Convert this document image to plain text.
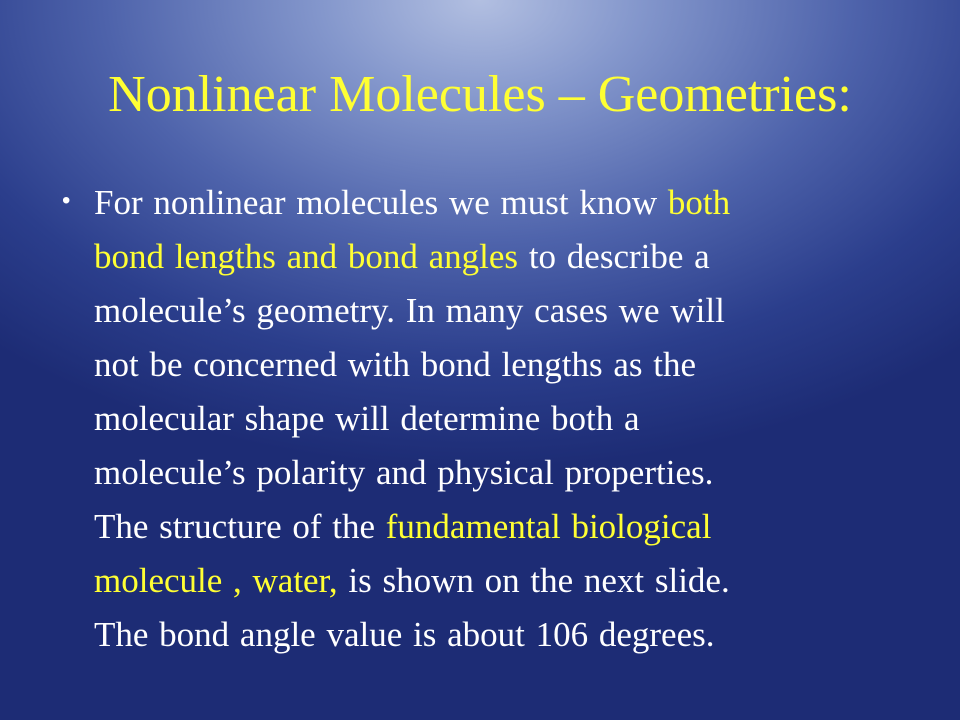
Nonlinear Molecules – Geometries:
• For nonlinear molecules we must know both
bond lengths and bond angles to describe a
molecule’s geometry. In many cases we will
not be concerned with bond lengths as the
molecular shape will determine both a
molecule’s polarity and physical properties.
The structure of the fundamental biological
molecule , water, is shown on the next slide.
The bond angle value is about 106 degrees.
